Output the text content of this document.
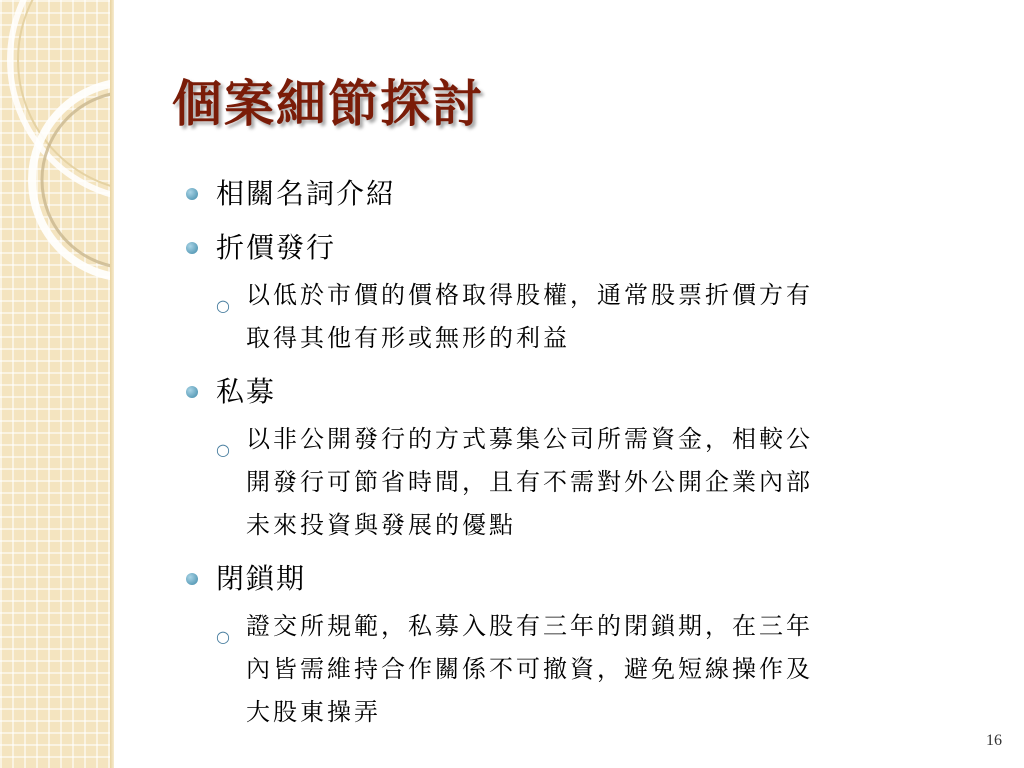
個案細節探討
相關名詞介紹
折價發行
○ 以低於市價的價格取得股權，通常股票折價方有
取得其他有形或無形的利益
私募
○ 以非公開發行的方式募集公司所需資金，相較公
開發行可節省時間，且有不需對外公開企業內部
未來投資與發展的優點
閉鎖期
○ 證交所規範，私募入股有三年的閉鎖期，在三年
內皆需維持合作關係不可撤資，避免短線操作及
大股東操弄
16
